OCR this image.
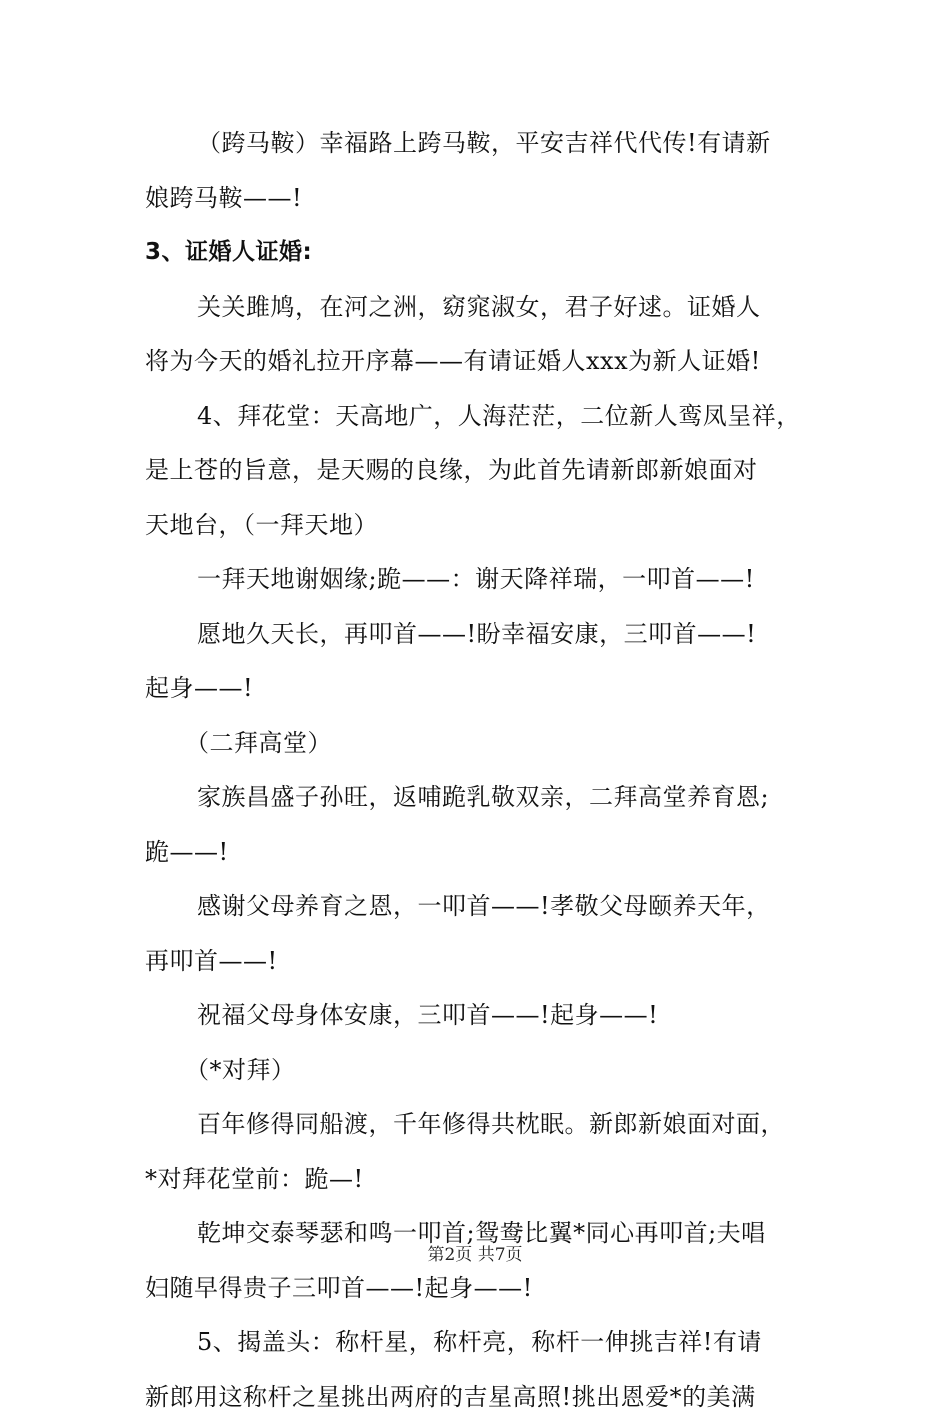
（跨马鞍）幸福路上跨马鞍，平安吉祥代代传!有请新
娘跨马鞍——!
3、证婚人证婚:
关关雎鸠，在河之洲，窈窕淑女，君子好逑。证婚人
将为今天的婚礼拉开序幕——有请证婚人xxx为新人证婚!
4、拜花堂：天高地广，人海茫茫，二位新人鸾凤呈祥，
是上苍的旨意，是天赐的良缘，为此首先请新郎新娘面对
天地台，（一拜天地）
一拜天地谢姻缘;跪——：谢天降祥瑞，一叩首——!
愿地久天长，再叩首——!盼幸福安康，三叩首——!
起身——!
（二拜高堂）
家族昌盛子孙旺，返哺跪乳敬双亲，二拜高堂养育恩;
跪——!
感谢父母养育之恩，一叩首——!孝敬父母颐养天年，
再叩首——!
祝福父母身体安康，三叩首——!起身——!
（*对拜）
百年修得同船渡，千年修得共枕眠。新郎新娘面对面，
*对拜花堂前：跪—!
乾坤交泰琴瑟和鸣一叩首;鸳鸯比翼*同心再叩首;夫唱
妇随早得贵子三叩首——!起身——!
5、揭盖头：称杆星，称杆亮，称杆一伸挑吉祥!有请
新郎用这称杆之星挑出两府的吉星高照!挑出恩爱*的美满
第2页 共7页
